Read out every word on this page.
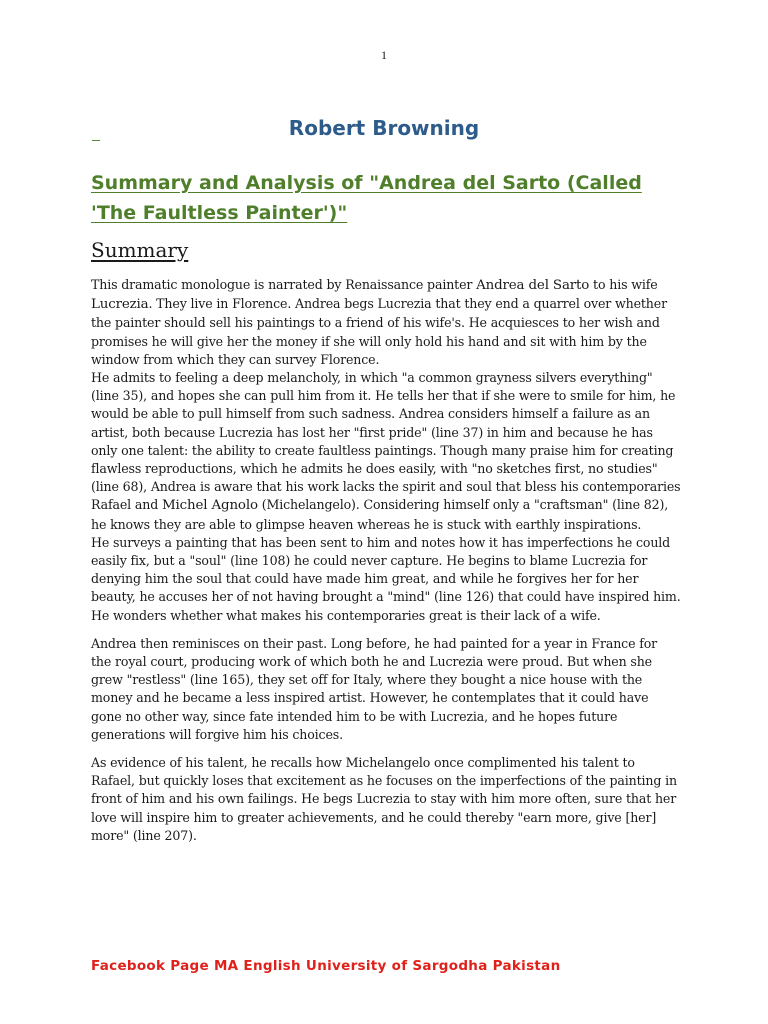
1
Robert Browning
Summary and Analysis of "Andrea del Sarto (Called 'The Faultless Painter')"
Summary

This dramatic monologue is narrated by Renaissance painter Andrea del Sarto to his wife Lucrezia. They live in Florence. Andrea begs Lucrezia that they end a quarrel over whether the painter should sell his paintings to a friend of his wife's. He acquiesces to her wish and promises he will give her the money if she will only hold his hand and sit with him by the window from which they can survey Florence.

He admits to feeling a deep melancholy, in which "a common grayness silvers everything" (line 35), and hopes she can pull him from it. He tells her that if she were to smile for him, he would be able to pull himself from such sadness. Andrea considers himself a failure as an artist, both because Lucrezia has lost her "first pride" (line 37) in him and because he has only one talent: the ability to create faultless paintings. Though many praise him for creating flawless reproductions, which he admits he does easily, with "no sketches first, no studies" (line 68), Andrea is aware that his work lacks the spirit and soul that bless his contemporaries Rafael and Michel Agnolo (Michelangelo). Considering himself only a "craftsman" (line 82), he knows they are able to glimpse heaven whereas he is stuck with earthly inspirations.

He surveys a painting that has been sent to him and notes how it has imperfections he could easily fix, but a "soul" (line 108) he could never capture. He begins to blame Lucrezia for denying him the soul that could have made him great, and while he forgives her for her beauty, he accuses her of not having brought a "mind" (line 126) that could have inspired him. He wonders whether what makes his contemporaries great is their lack of a wife.

Andrea then reminisces on their past. Long before, he had painted for a year in France for the royal court, producing work of which both he and Lucrezia were proud. But when she grew "restless" (line 165), they set off for Italy, where they bought a nice house with the money and he became a less inspired artist. However, he contemplates that it could have gone no other way, since fate intended him to be with Lucrezia, and he hopes future generations will forgive him his choices.

As evidence of his talent, he recalls how Michelangelo once complimented his talent to Rafael, but quickly loses that excitement as he focuses on the imperfections of the painting in front of him and his own failings. He begs Lucrezia to stay with him more often, sure that her love will inspire him to greater achievements, and he could thereby "earn more, give [her] more" (line 207).

Facebook Page MA English University of Sargodha Pakistan
